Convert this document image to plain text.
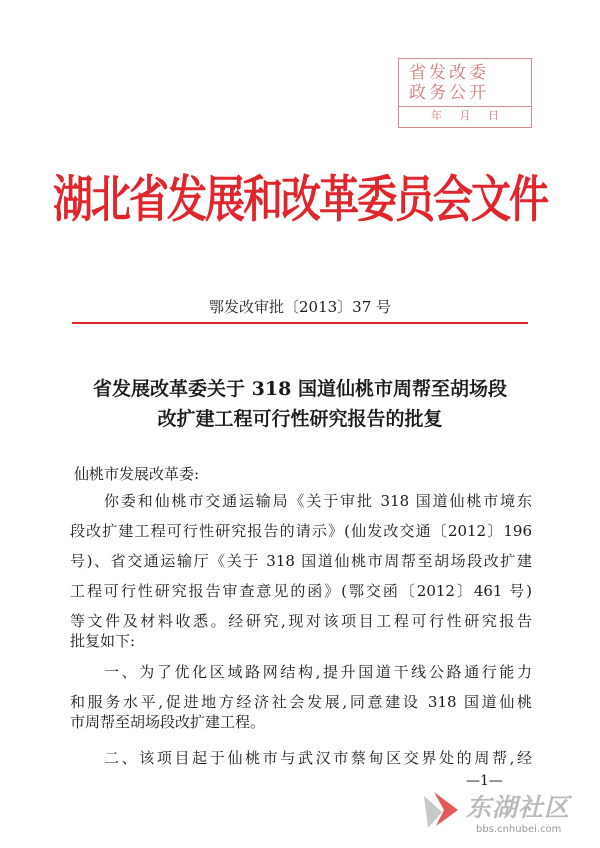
省发改委
政务公开
年 月 日
湖北省发展和改革委员会文件
鄂发改审批〔2013〕37 号
省发展改革委关于 318 国道仙桃市周帮至胡场段
改扩建工程可行性研究报告的批复
仙桃市发展改革委:
你委和仙桃市交通运输局《关于审批 318 国道仙桃市境东
段改扩建工程可行性研究报告的请示》(仙发改交通〔2012〕196
号)、省交通运输厅《关于 318 国道仙桃市周帮至胡场段改扩建
工程可行性研究报告审查意见的函》(鄂交函〔2012〕461 号)
等文件及材料收悉。经研究,现对该项目工程可行性研究报告
批复如下:
一、为了优化区域路网结构,提升国道干线公路通行能力
和服务水平,促进地方经济社会发展,同意建设 318 国道仙桃
市周帮至胡场段改扩建工程。
二、该项目起于仙桃市与武汉市蔡甸区交界处的周帮,经
—1—
东湖社区
bbs.cnhubei.com
